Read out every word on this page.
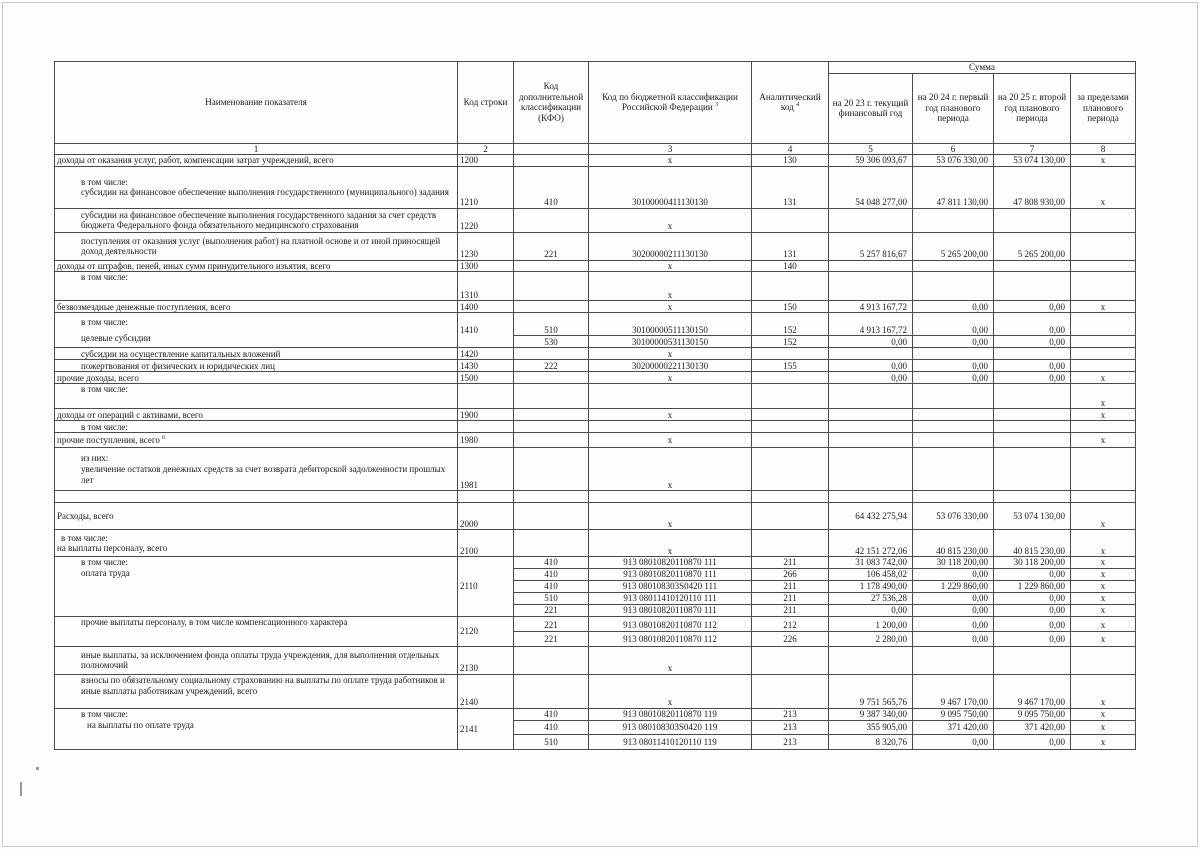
Наименование показателя	Код строки	Код дополнительной классификации (КФО)	Код по бюджетной классификации Российской Федерации $^3$	Аналитический код $^4$	Сумма			
					на 20 23 г. текущий финансовый год	на 20 24 г. первый год планового периода	на 20 25 г. второй год планового периода	за пределами планового периода
1	2		3	4	5	6	7	8
доходы от оказания услуг, работ, компенсации затрат учреждений, всего	1200		x	130	59 306 093,67	53 076 330,00	53 074 130,00	x

в том числе:
субсидии на финансовое обеспечение выполнения государственного (муниципального) задания	1210	410	30100000411130130	131	54 048 277,00	47 811 130,00	47 808 930,00	x

субсидии на финансовое обеспечение выполнения государственного задания за счет средств бюджета Федерального фонда обязательного медицинского страхования	1220		x					

поступления от оказания услуг (выполнения работ) на платной основе и от иной приносящей доход деятельности	1230	221	30200000211130130	131	5 257 816,67	5 265 200,00	5 265 200,00	
доходы от штрафов, пеней, иных сумм принудительного изъятия, всего	1300		x	140				

в том числе:	1310		x					
безвозмездные денежные поступления, всего	1400		x	150	4 913 167,72	0,00	0,00	x

в том числе:
целевые субсидии	1410	510	30100000511130150	152	4 913 167,72	0,00	0,00	
		530	30100000531130150	152	0,00	0,00	0,00	

субсидии на осуществление капитальных вложений	1420		x					

пожертвования от физических и юридических лиц	1430	222	30200000221130130	155	0,00	0,00	0,00	
прочие доходы, всего	1500		x		0,00	0,00	0,00	x

в том числе:								x
доходы от операций с активами, всего	1900		x					x

в том числе:								

прочие поступления, всего $^6$	1980		x					x

из них:
увеличение остатков денежных средств за счет возврата дебиторской задолженности прошлых лет	1981		x					

Расходы, всего	2000		x		64 432 275,94	53 076 330,00	53 074 130,00	x

в том числе:
на выплаты персоналу, всего	2100		x		42 151 272,06	40 815 230,00	40 815 230,00	x

в том числе:
оплата труда	2110	410	913 08010820110870 111	211	31 083 742,00	30 118 200,00	30 118 200,00	x
		410	913 08010820110870 111	266	106 458,02	0,00	0,00	x
		410	913 080108303S0420 111	211	1 178 490,00	1 229 860,00	1 229 860,00	x
		510	913 08011410120110 111	211	27 536,28	0,00	0,00	x
		221	913 08010820110870 111	211	0,00	0,00	0,00	x

прочие выплаты персоналу, в том числе компенсационного характера	2120	221	913 08010820110870 112	212	1 200,00	0,00	0,00	x
		221	913 08010820110870 112	226	2 280,00	0,00	0,00	x

иные выплаты, за исключением фонда оплаты труда учреждения, для выполнения отдельных полномочий	2130		x					

взносы по обязательному социальному страхованию на выплаты по оплате труда работников и иные выплаты работникам учреждений, всего	2140		x		9 751 565,76	9 467 170,00	9 467 170,00	x

в том числе:
на выплаты по оплате труда	2141	410	913 08010820110870 119	213	9 387 340,00	9 095 750,00	9 095 750,00	x
		410	913 080108303S0420 119	213	355 905,00	371 420,00	371 420,00	x
		510	913 08011410120110 119	213	8 320,76	0,00	0,00	x
